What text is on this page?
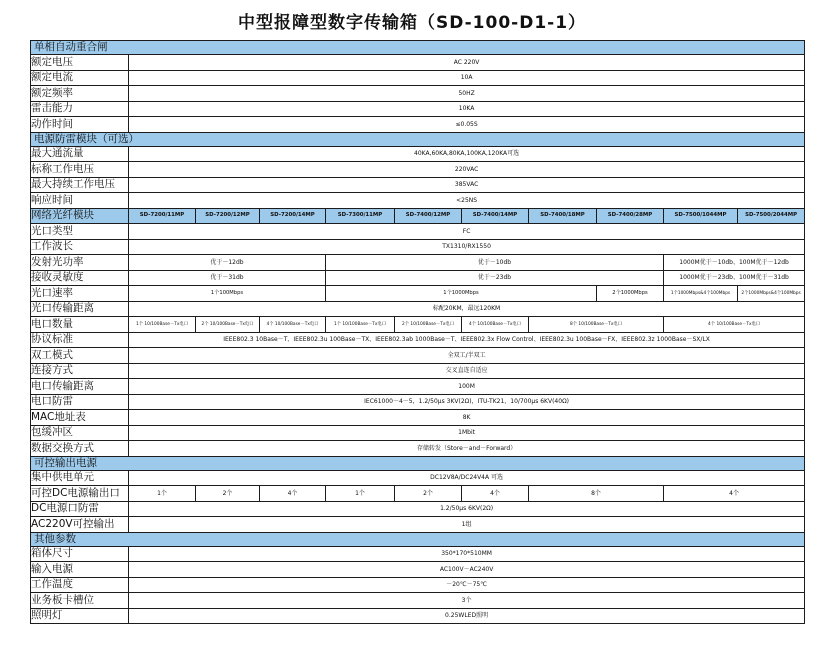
中型报障型数字传输箱（SD-100-D1-1）
单相自动重合闸										
额定电压	AC 220V									
额定电流	10A									
额定频率	50HZ									
雷击能力	10KA									
动作时间	≤0.05S									
电源防雷模块（可选）										
最大通流量	40KA,60KA,80KA,100KA,120KA可选									
标称工作电压	220VAC									
最大持续工作电压	385VAC									
响应时间	<25NS									
网络光纤模块	SD-7200/11MP	SD-7200/12MP	SD-7200/14MP	SD-7300/11MP	SD-7400/12MP	SD-7400/14MP	SD-7400/18MP	SD-7400/28MP	SD-7500/1044MP	SD-7500/2044MP
光口类型	FC									
工作波长	TX1310/RX1550									
发射光功率	优于－12db			优于－10db					1000M优于－10db、100M优于－12db	
接收灵敏度	优于－31db			优于－23db					1000M优于－23db、100M优于－31db	
光口速率	1个100Mbps			1个1000Mbps				2个1000Mbps	1个1000Mbps&4个100Mbps	2个1000Mbps&4个100Mbps
光口传输距离	标配20KM，最远120KM									
电口数量	1个 10/100Base－Tx电口	2个 10/100Base－Tx电口	4个 10/100Base－Tx电口	1个 10/100Base－Tx电口	2个 10/100Base－Tx电口	4个 10/100Base－Tx电口	8个 10/100Base－Tx电口		4个 10/100Base－Tx电口	
协议标准	IEEE802.3 10Base－T、IEEE802.3u 100Base－TX、IEEE802.3ab 1000Base－T、IEEE802.3x Flow Control、IEEE802.3u 100Base－FX、IEEE802.3z 1000Base－SX/LX									
双工模式	全双工/半双工									
连接方式	交叉直连自适应									
电口传输距离	100M									
电口防雷	IEC61000－4－5，1.2/50μs 3KV(2Ω)，ITU-TK21，10/700μs 6KV(40Ω)									
MAC地址表	8K									
包缓冲区	1Mbit									
数据交换方式	存储转发（Store－and－Forward）									
可控输出电源										
集中供电单元	DC12V8A/DC24V4A 可选									
可控DC电源输出口	1个	2个	4个	1个	2个	4个	8个		4个	
DC电源口防雷	1.2/50μs 6KV(2Ω)									
AC220V可控输出	1组									
其他参数										
箱体尺寸	350*170*510MM									
输入电源	AC100V－AC240V									
工作温度	－20℃－75℃									
业务板卡槽位	3个									
照明灯	0.25WLED照明									
